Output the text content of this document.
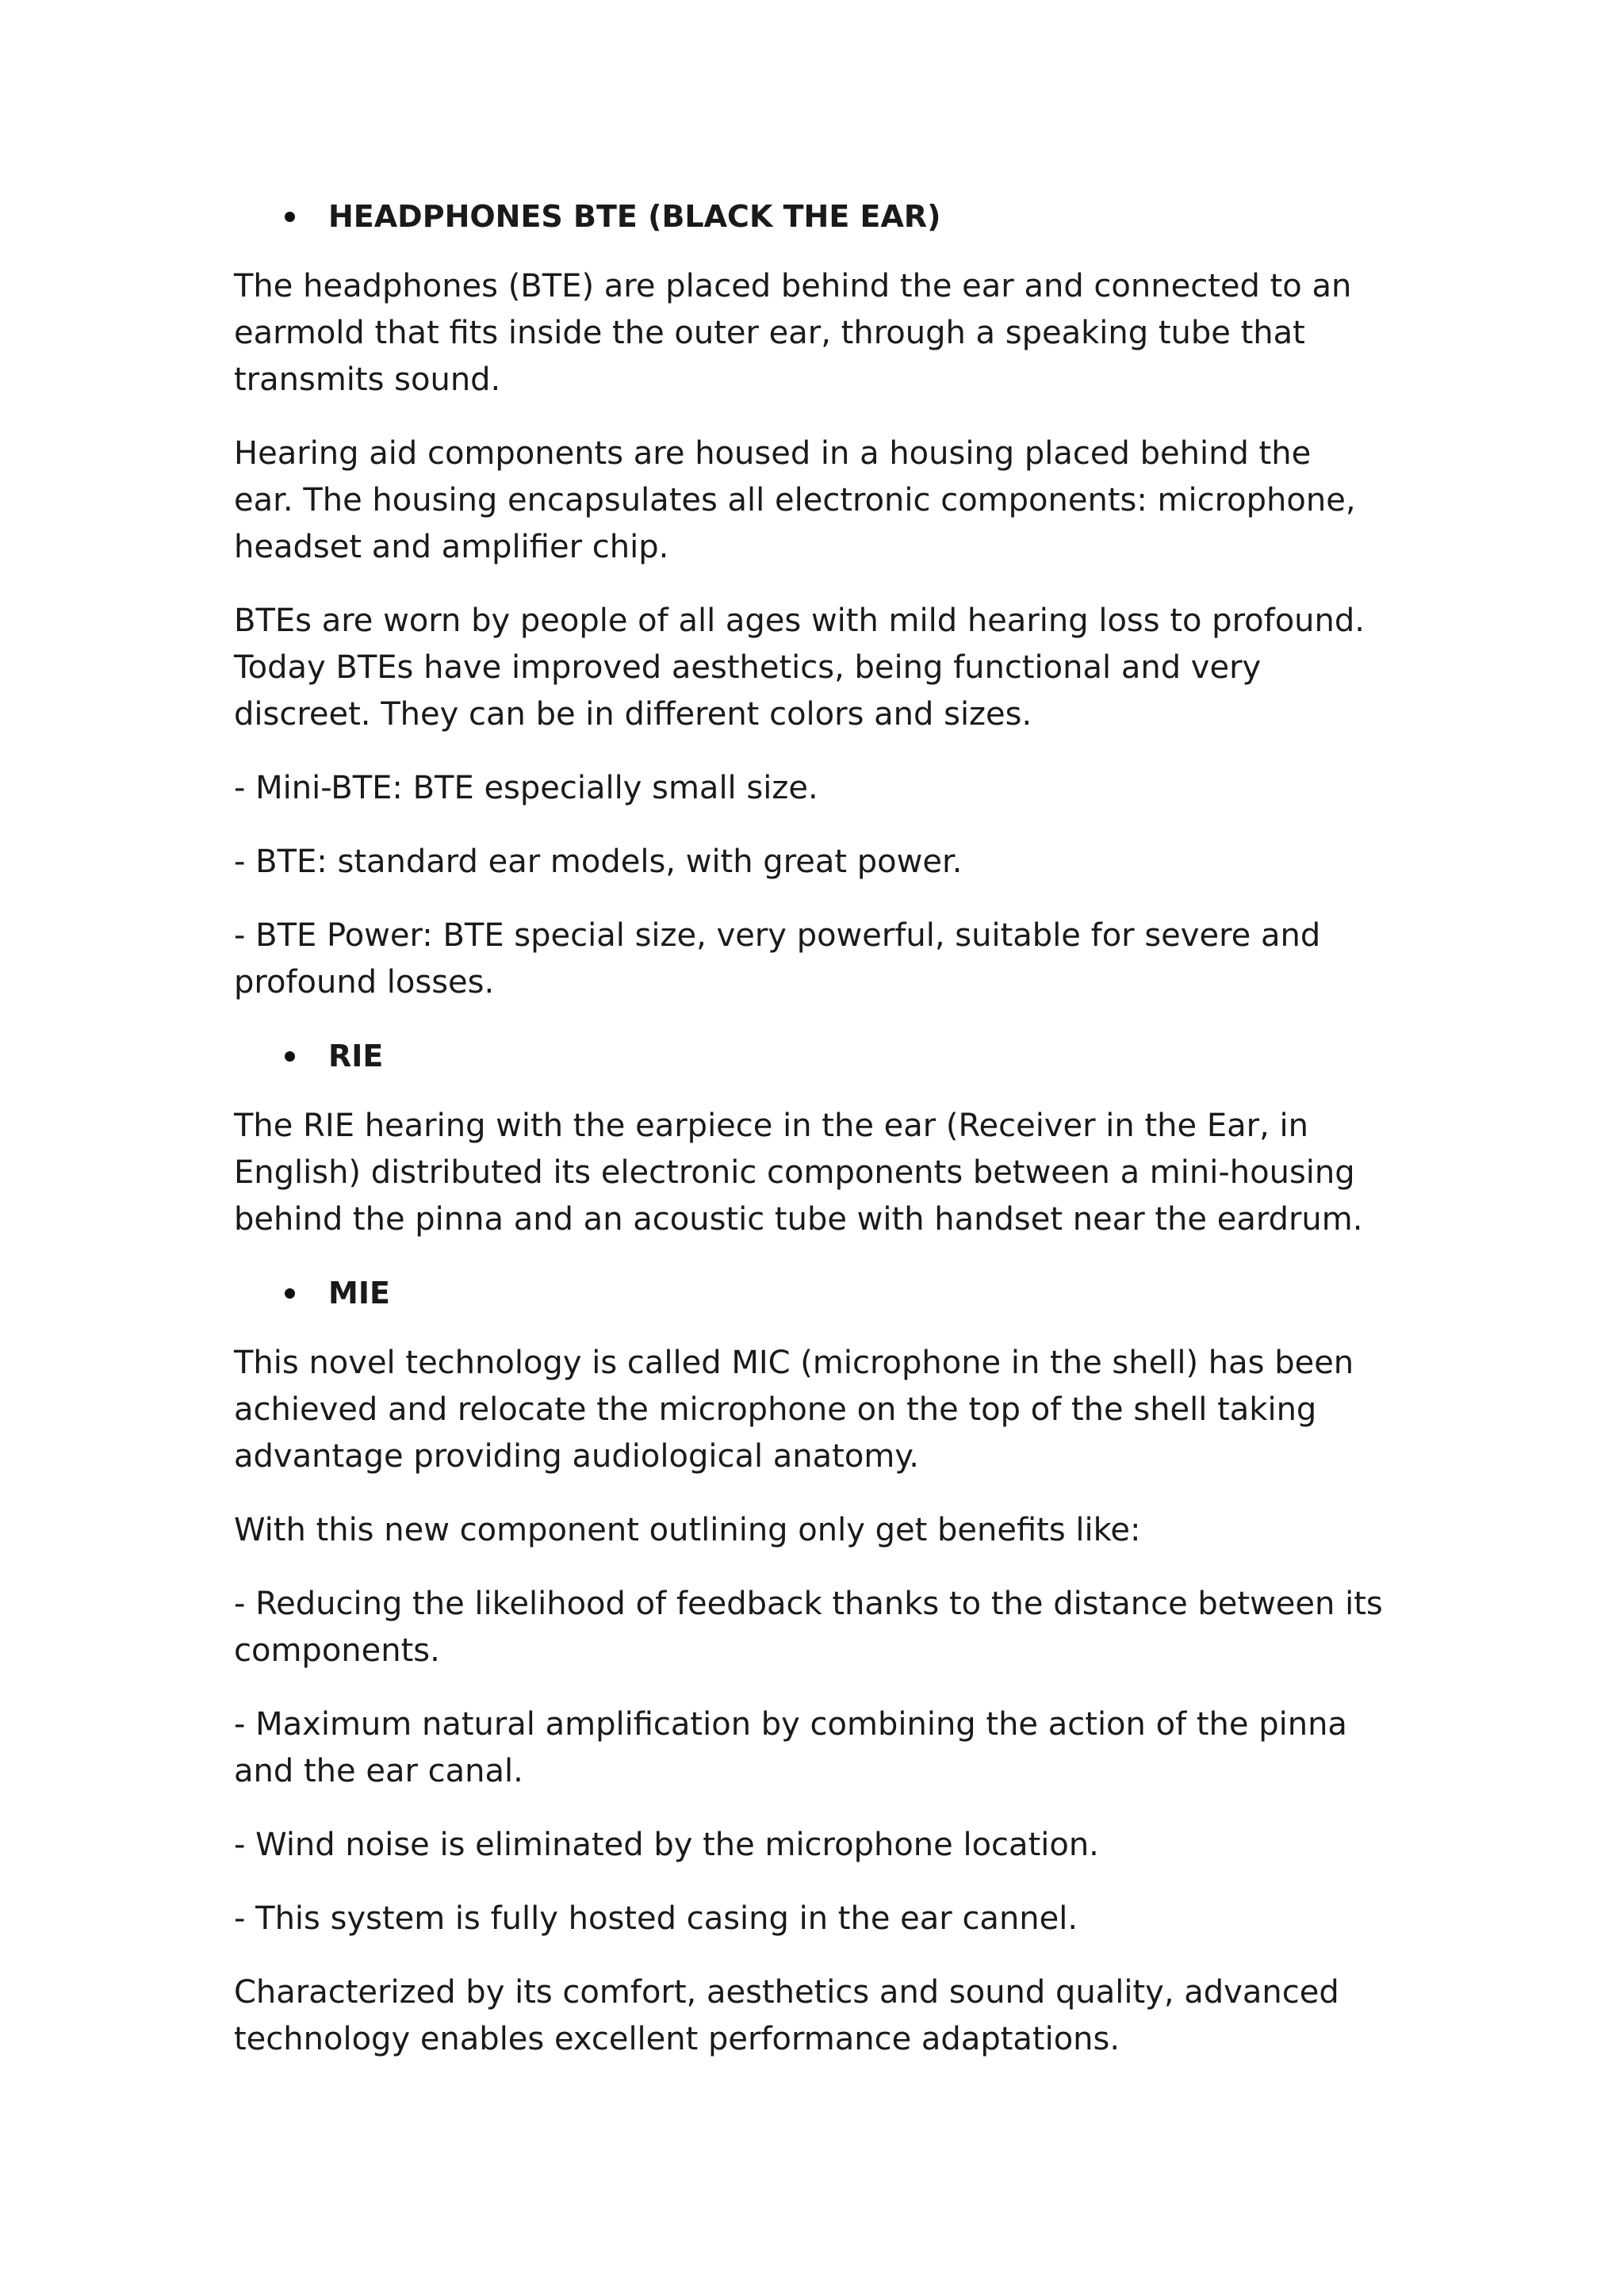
HEADPHONES BTE (BLACK THE EAR)

The headphones (BTE) are placed behind the ear and connected to an
earmold that fits inside the outer ear, through a speaking tube that
transmits sound.

Hearing aid components are housed in a housing placed behind the
ear. The housing encapsulates all electronic components: microphone,
headset and amplifier chip.

BTEs are worn by people of all ages with mild hearing loss to profound.
Today BTEs have improved aesthetics, being functional and very
discreet. They can be in different colors and sizes.

- Mini-BTE: BTE especially small size.

- BTE: standard ear models, with great power.

- BTE Power: BTE special size, very powerful, suitable for severe and
profound losses.

RIE

The RIE hearing with the earpiece in the ear (Receiver in the Ear, in
English) distributed its electronic components between a mini-housing
behind the pinna and an acoustic tube with handset near the eardrum.

MIE

This novel technology is called MIC (microphone in the shell) has been
achieved and relocate the microphone on the top of the shell taking
advantage providing audiological anatomy.

With this new component outlining only get benefits like:

- Reducing the likelihood of feedback thanks to the distance between its
components.

- Maximum natural amplification by combining the action of the pinna
and the ear canal.

- Wind noise is eliminated by the microphone location.

- This system is fully hosted casing in the ear cannel.

Characterized by its comfort, aesthetics and sound quality, advanced
technology enables excellent performance adaptations.
